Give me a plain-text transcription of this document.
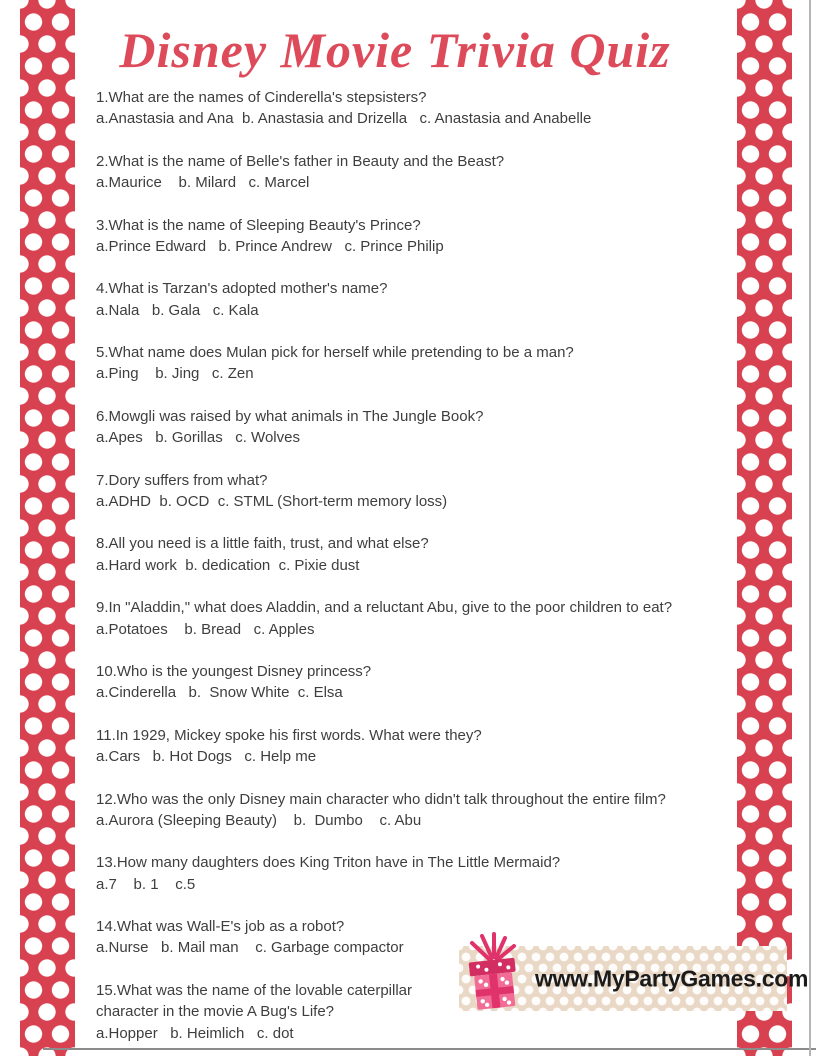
Disney Movie Trivia Quiz
1.What are the names of Cinderella's stepsisters?
a.Anastasia and Ana  b. Anastasia and Drizella   c. Anastasia and Anabelle
2.What is the name of Belle's father in Beauty and the Beast?
a.Maurice    b. Milard   c. Marcel
3.What is the name of Sleeping Beauty's Prince?
a.Prince Edward   b. Prince Andrew   c. Prince Philip
4.What is Tarzan's adopted mother's name?
a.Nala   b. Gala   c. Kala
5.What name does Mulan pick for herself while pretending to be a man?
a.Ping    b. Jing   c. Zen
6.Mowgli was raised by what animals in The Jungle Book?
a.Apes   b. Gorillas   c. Wolves
7.Dory suffers from what?
a.ADHD  b. OCD  c. STML (Short-term memory loss)
8.All you need is a little faith, trust, and what else?
a.Hard work  b. dedication  c. Pixie dust
9.In "Aladdin," what does Aladdin, and a reluctant Abu, give to the poor children to eat?
a.Potatoes    b. Bread   c. Apples
10.Who is the youngest Disney princess?
a.Cinderella   b.  Snow White  c. Elsa
11.In 1929, Mickey spoke his first words. What were they?
a.Cars   b. Hot Dogs   c. Help me
12.Who was the only Disney main character who didn't talk throughout the entire film?
a.Aurora (Sleeping Beauty)    b.  Dumbo    c. Abu
13.How many daughters does King Triton have in The Little Mermaid?
a.7    b. 1    c.5
14.What was Wall-E's job as a robot?
a.Nurse   b. Mail man    c. Garbage compactor
15.What was the name of the lovable caterpillar character in the movie A Bug's Life?
a.Hopper   b. Heimlich   c. dot
www.MyPartyGames.com
